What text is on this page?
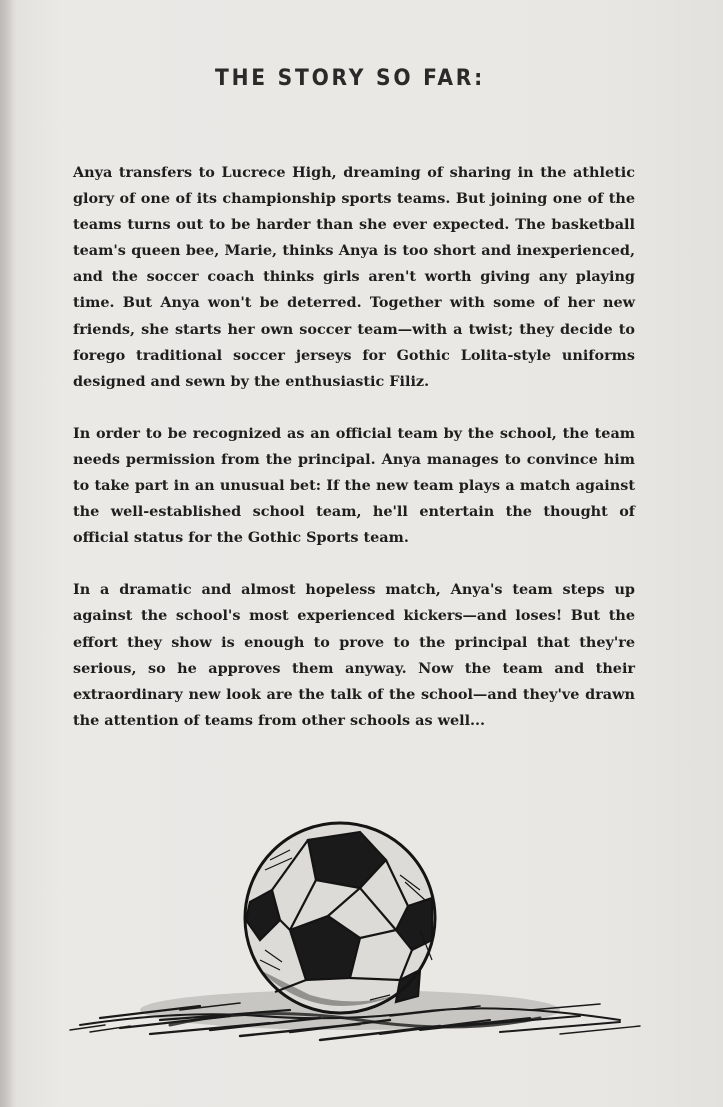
THE STORY SO FAR:

Anya transfers to Lucrece High, dreaming of sharing in the athletic glory of one of its championship sports teams. But joining one of the teams turns out to be harder than she ever expected. The basketball team's queen bee, Marie, thinks Anya is too short and inexperienced, and the soccer coach thinks girls aren't worth giving any playing time. But Anya won't be deterred. Together with some of her new friends, she starts her own soccer team—with a twist; they decide to forego traditional soccer jerseys for Gothic Lolita-style uniforms designed and sewn by the enthusiastic Filiz.

In order to be recognized as an official team by the school, the team needs permission from the principal. Anya manages to convince him to take part in an unusual bet: If the new team plays a match against the well-established school team, he'll entertain the thought of official status for the Gothic Sports team.

In a dramatic and almost hopeless match, Anya's team steps up against the school's most experienced kickers—and loses! But the effort they show is enough to prove to the principal that they're serious, so he approves them anyway. Now the team and their extraordinary new look are the talk of the school—and they've drawn the attention of teams from other schools as well...
